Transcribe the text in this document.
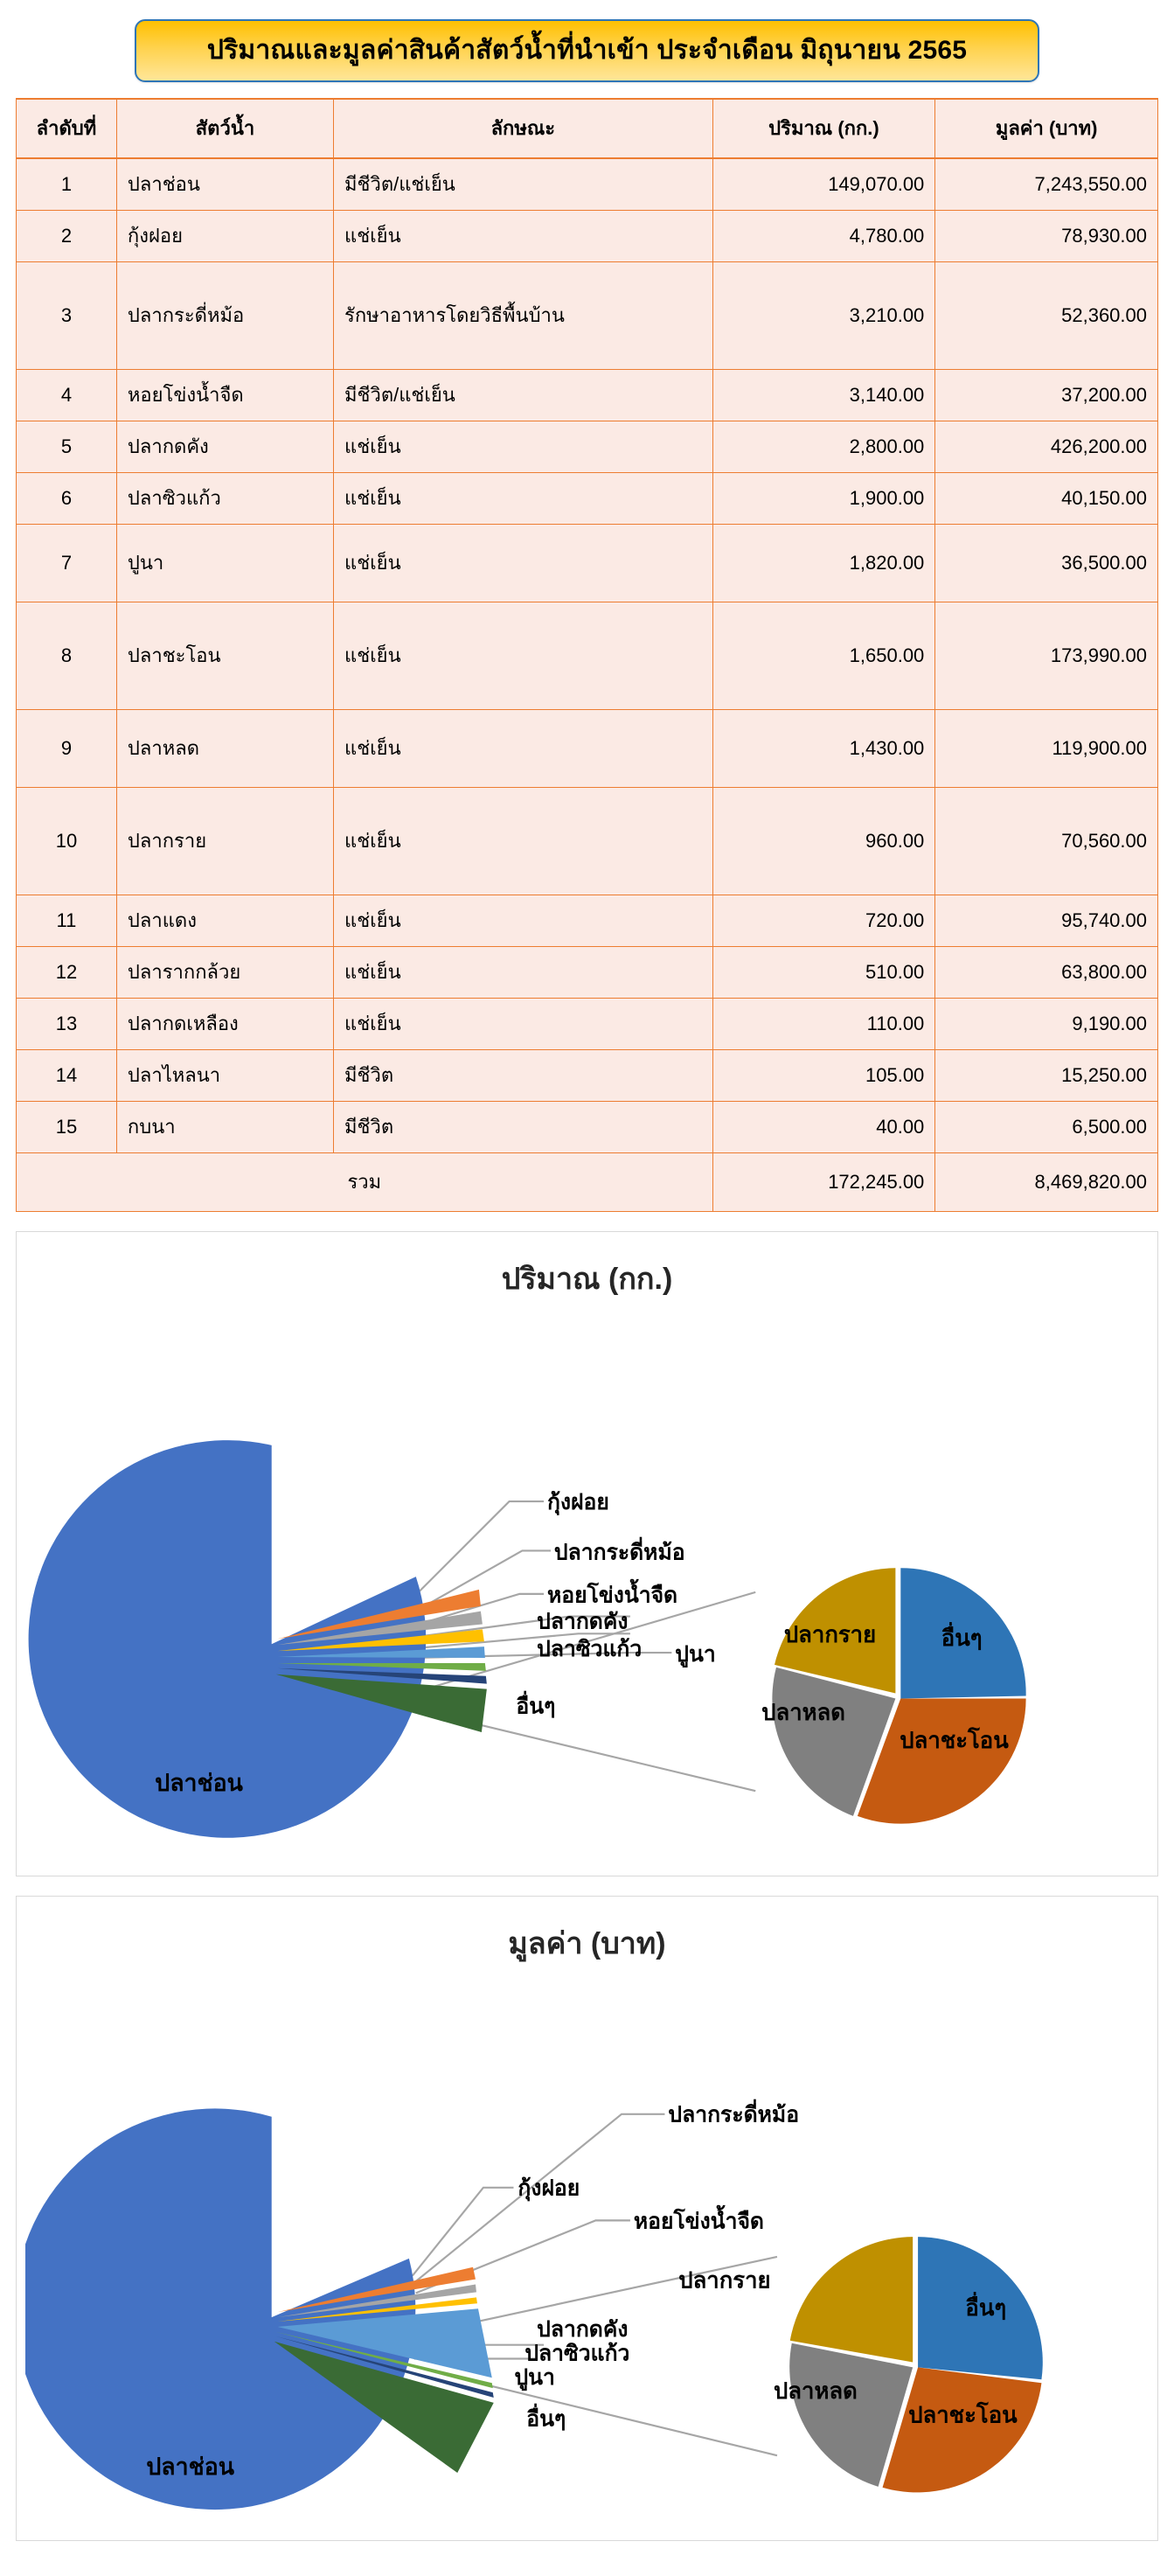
ปริมาณและมูลค่าสินค้าสัตว์น้ำที่นำเข้า ประจำเดือน มิถุนายน 2565
ลำดับที่	สัตว์น้ำ	ลักษณะ	ปริมาณ (กก.)	มูลค่า (บาท)
1	ปลาช่อน	มีชีวิต/แช่เย็น	149,070.00	7,243,550.00
2	กุ้งฝอย	แช่เย็น	4,780.00	78,930.00
3	ปลากระดี่หม้อ	รักษาอาหารโดยวิธีพื้นบ้าน	3,210.00	52,360.00
4	หอยโข่งน้ำจืด	มีชีวิต/แช่เย็น	3,140.00	37,200.00
5	ปลากดคัง	แช่เย็น	2,800.00	426,200.00
6	ปลาซิวแก้ว	แช่เย็น	1,900.00	40,150.00
7	ปูนา	แช่เย็น	1,820.00	36,500.00
8	ปลาชะโอน	แช่เย็น	1,650.00	173,990.00
9	ปลาหลด	แช่เย็น	1,430.00	119,900.00
10	ปลากราย	แช่เย็น	960.00	70,560.00
11	ปลาแดง	แช่เย็น	720.00	95,740.00
12	ปลารากกล้วย	แช่เย็น	510.00	63,800.00
13	ปลากดเหลือง	แช่เย็น	110.00	9,190.00
14	ปลาไหลนา	มีชีวิต	105.00	15,250.00
15	กบนา	มีชีวิต	40.00	6,500.00
รวม			172,245.00	8,469,820.00
ปริมาณ (กก.)
ปลาช่อน
กุ้งฝอย
ปลากระดี่หม้อ
หอยโข่งน้ำจืด
ปลากดคัง
ปลาซิวแก้ว ปูนา
อื่นๆ
อื่นๆ
ปลาชะโอน
ปลาหลด
ปลากราย
มูลค่า (บาท)
ปลาช่อน
กุ้งฝอย
ปลากระดี่หม้อ
หอยโข่งน้ำจืด
ปลากดคัง
ปลาซิวแก้ว
ปูนา
อื่นๆ
อื่นๆ
ปลาชะโอน
ปลาหลด
ปลากราย
